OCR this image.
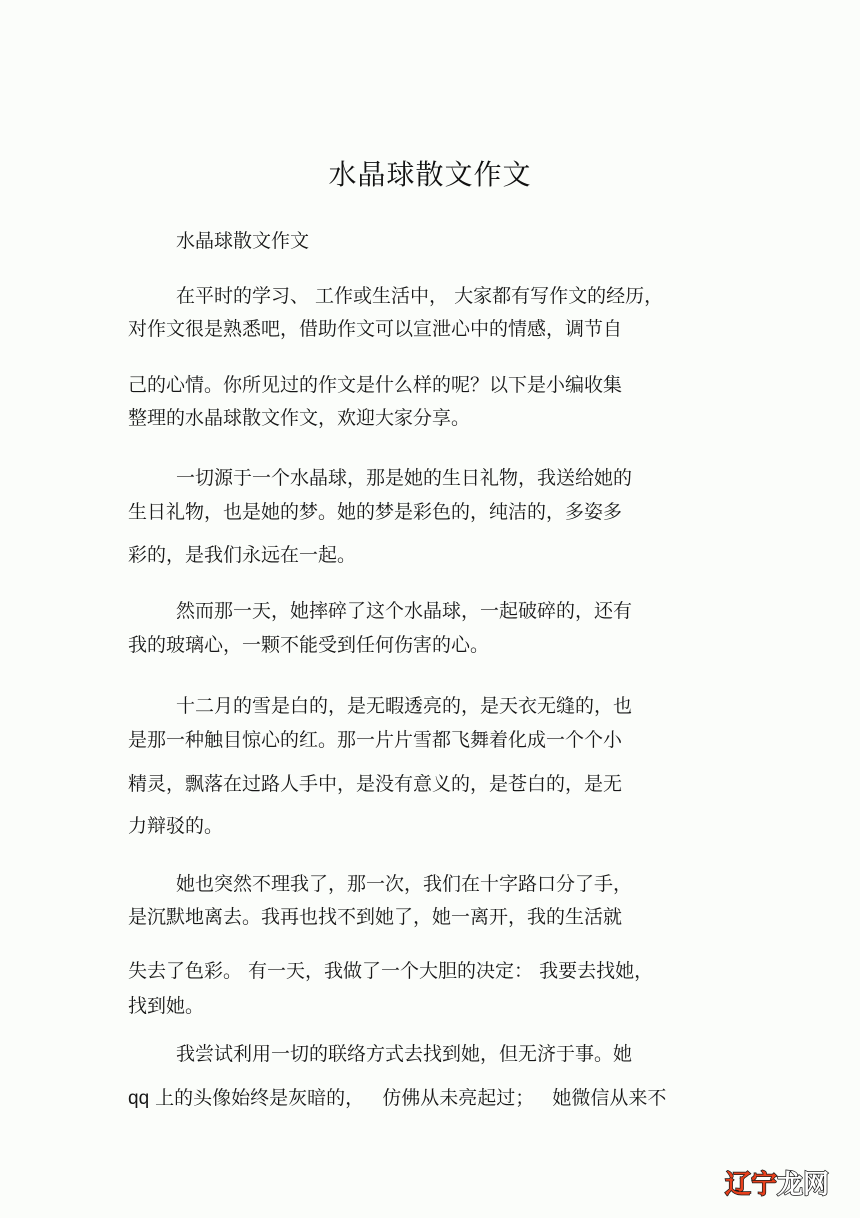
水晶球散文作文
水晶球散文作文
在平时的学习、 工作或生活中， 大家都有写作文的经历，
对作文很是熟悉吧，借助作文可以宣泄心中的情感，调节自
己的心情。你所见过的作文是什么样的呢？以下是小编收集
整理的水晶球散文作文，欢迎大家分享。
一切源于一个水晶球，那是她的生日礼物，我送给她的
生日礼物，也是她的梦。她的梦是彩色的，纯洁的，多姿多
彩的，是我们永远在一起。
然而那一天，她摔碎了这个水晶球，一起破碎的，还有
我的玻璃心，一颗不能受到任何伤害的心。
十二月的雪是白的，是无暇透亮的，是天衣无缝的，也
是那一种触目惊心的红。那一片片雪都飞舞着化成一个个小
精灵，飘落在过路人手中，是没有意义的，是苍白的，是无
力辩驳的。
她也突然不理我了，那一次，我们在十字路口分了手，
是沉默地离去。我再也找不到她了，她一离开，我的生活就
失去了色彩。 有一天，我做了一个大胆的决定： 我要去找她，
找到她。
我尝试利用一切的联络方式去找到她，但无济于事。她
qq 上的头像始终是灰暗的，   仿佛从未亮起过；   她微信从来不
辽宁龙网
